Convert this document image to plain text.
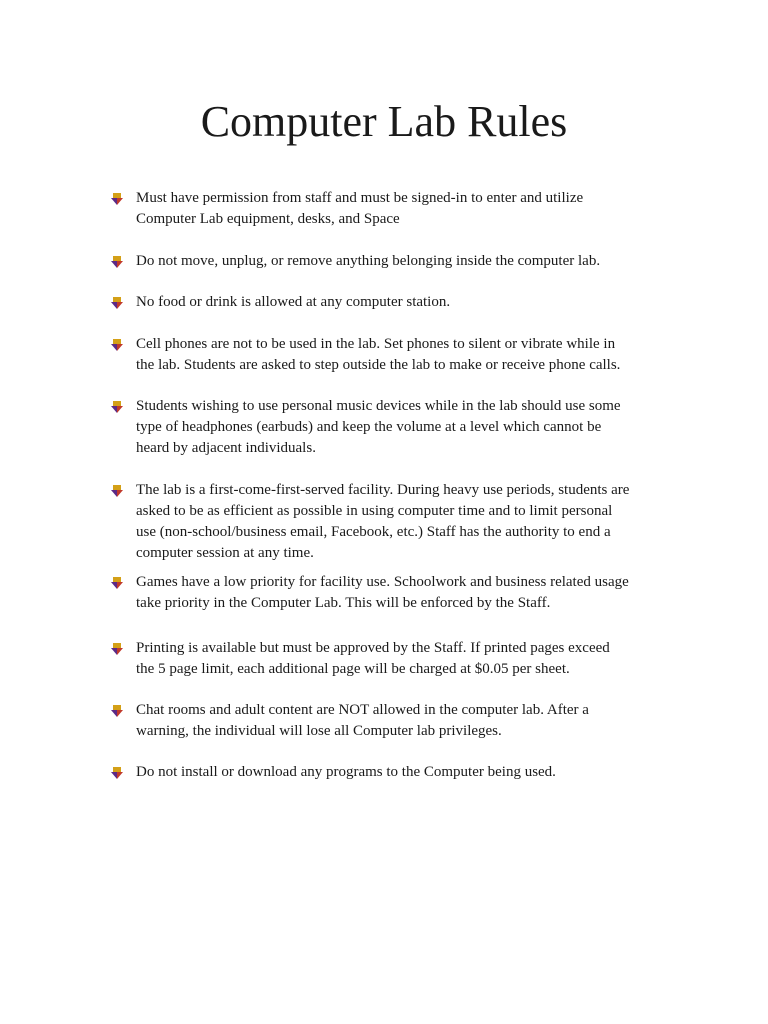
Computer Lab Rules

Must have permission from staff and must be signed-in to enter and utilize
Computer Lab equipment, desks, and Space

Do not move, unplug, or remove anything belonging inside the computer lab.

No food or drink is allowed at any computer station.

Cell phones are not to be used in the lab. Set phones to silent or vibrate while in
the lab. Students are asked to step outside the lab to make or receive phone calls.

Students wishing to use personal music devices while in the lab should use some
type of headphones (earbuds) and keep the volume at a level which cannot be
heard by adjacent individuals.

The lab is a first-come-first-served facility. During heavy use periods, students are
asked to be as efficient as possible in using computer time and to limit personal
use (non-school/business email, Facebook, etc.) Staff has the authority to end a
computer session at any time.

Games have a low priority for facility use. Schoolwork and business related usage
take priority in the Computer Lab. This will be enforced by the Staff.

Printing is available but must be approved by the Staff. If printed pages exceed
the 5 page limit, each additional page will be charged at $0.05 per sheet.

Chat rooms and adult content are NOT allowed in the computer lab. After a
warning, the individual will lose all Computer lab privileges.

Do not install or download any programs to the Computer being used.
